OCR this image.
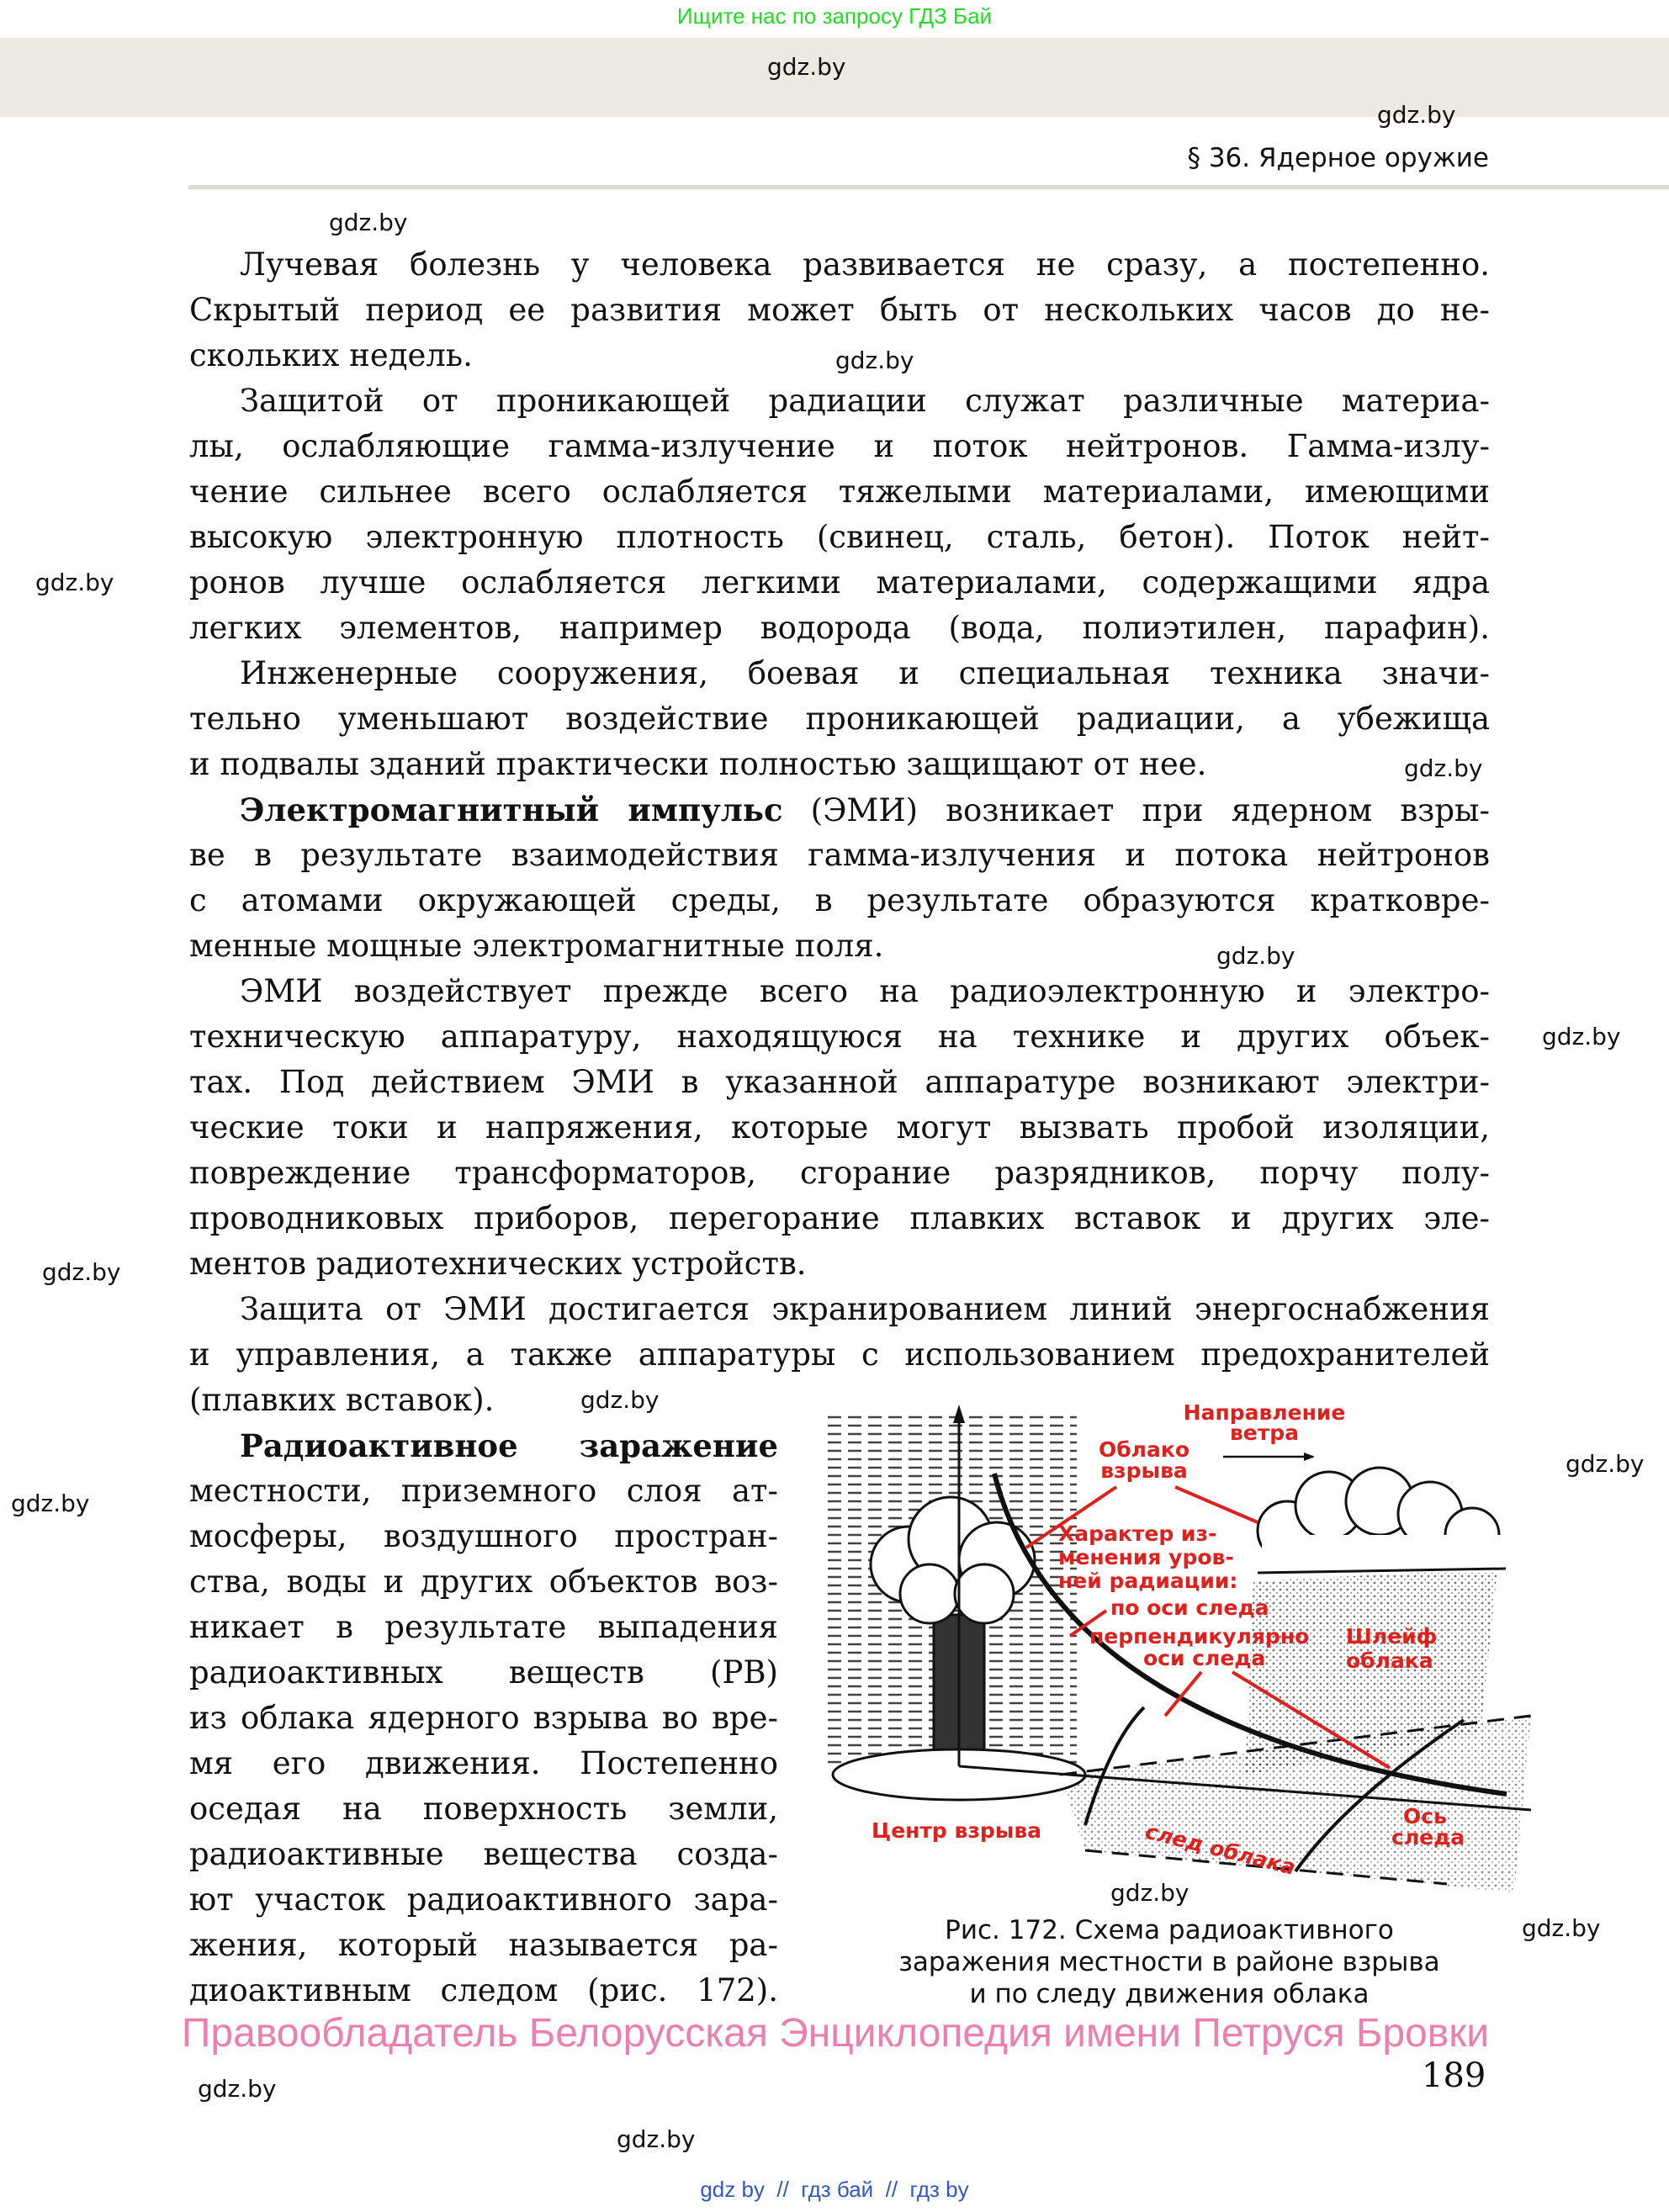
Ищите нас по запросу ГДЗ Бай
gdz.by
gdz.by
gdz.by
gdz.by
gdz.by
gdz.by
gdz.by
gdz.by
gdz.by
gdz.by
gdz.by
gdz.by
gdz.by
gdz.by
gdz.by
§ 36. Ядерное оружие
Лучевая болезнь у человека развивается не сразу, а постепенно.
Скрытый период ее развития может быть от нескольких часов до не-
скольких недель.
Защитой от проникающей радиации служат различные материа-
лы, ослабляющие гамма-излучение и поток нейтронов. Гамма-излу-
чение сильнее всего ослабляется тяжелыми материалами, имеющими
высокую электронную плотность (свинец, сталь, бетон). Поток нейт-
ронов лучше ослабляется легкими материалами, содержащими ядра
легких элементов, например водорода (вода, полиэтилен, парафин).
Инженерные сооружения, боевая и специальная техника значи-
тельно уменьшают воздействие проникающей радиации, а убежища
и подвалы зданий практически полностью защищают от нее.
Электромагнитный импульс (ЭМИ) возникает при ядерном взры-
ве в результате взаимодействия гамма-излучения и потока нейтронов
с атомами окружающей среды, в результате образуются кратковре-
менные мощные электромагнитные поля.
ЭМИ воздействует прежде всего на радиоэлектронную и электро-
техническую аппаратуру, находящуюся на технике и других объек-
тах. Под действием ЭМИ в указанной аппаратуре возникают электри-
ческие токи и напряжения, которые могут вызвать пробой изоляции,
повреждение трансформаторов, сгорание разрядников, порчу полу-
проводниковых приборов, перегорание плавких вставок и других эле-
ментов радиотехнических устройств.
Защита от ЭМИ достигается экранированием линий энергоснабжения
и управления, а также аппаратуры с использованием предохранителей
(плавких вставок).
Радиоактивное заражение
местности, приземного слоя ат-
мосферы, воздушного простран-
ства, воды и других объектов воз-
никает в результате выпадения
радиоактивных веществ (РВ)
из облака ядерного взрыва во вре-
мя его движения. Постепенно
оседая на поверхность земли,
радиоактивные вещества созда-
ют участок радиоактивного зара-
жения, который называется ра-
диоактивным следом (рис. 172).
Направление
ветра
Облако
взрыва
Характер из-
менения уров-
ней радиации:
по оси следа
перпендикулярно
оси следа
Шлейф
облака
Центр взрыва	след облака
Ось
следа
gdz.by
Рис. 172. Схема радиоактивного
заражения местности в районе взрыва
и по следу движения облака
Правообладатель Белорусская Энциклопедия имени Петруся Бровки
189
gdz by  //  гдз бай  //  гдз by
